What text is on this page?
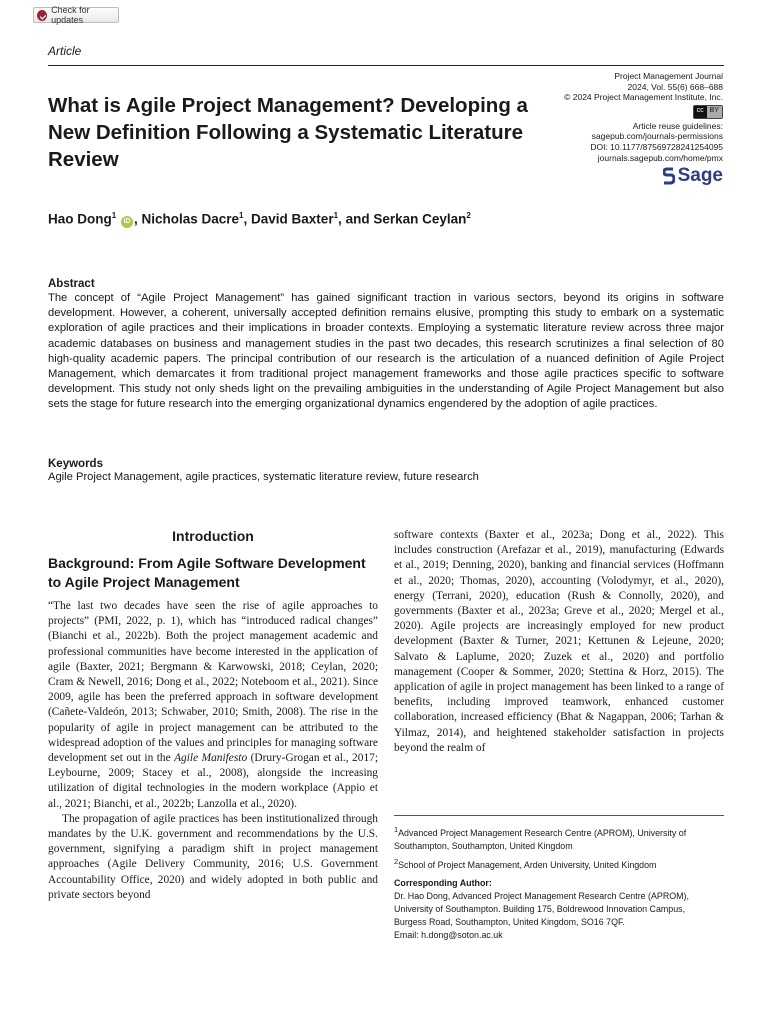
Check for updates
Article
What is Agile Project Management? Developing a New Definition Following a Systematic Literature Review
Project Management Journal
2024, Vol. 55(6) 668–688
© 2024 Project Management Institute, Inc.
cc BY
Article reuse guidelines:
sagepub.com/journals-permissions
DOI: 10.1177/87569728241254095
journals.sagepub.com/home/pmx
Sage
Hao Dong$^1$ iD , Nicholas Dacre$^1$, David Baxter$^1$, and Serkan Ceylan$^2$
Abstract

The concept of “Agile Project Management” has gained significant traction in various sectors, beyond its origins in software development. However, a coherent, universally accepted definition remains elusive, prompting this study to embark on a systematic exploration of agile practices and their implications in broader contexts. Employing a systematic literature review across three major academic databases on business and management studies in the past two decades, this research scrutinizes a final selection of 80 high-quality academic papers. The principal contribution of our research is the articulation of a nuanced definition of Agile Project Management, which demarcates it from traditional project management frameworks and those agile practices specific to software development. This study not only sheds light on the prevailing ambiguities in the understanding of Agile Project Management but also sets the stage for future research into the emerging organizational dynamics engendered by the adoption of agile practices.

Keywords

Agile Project Management, agile practices, systematic literature review, future research

Introduction
Background: From Agile Software Development to Agile Project Management

“The last two decades have seen the rise of agile approaches to projects” (PMI, 2022, p. 1), which has “introduced radical changes” (Bianchi et al., 2022b). Both the project management academic and professional communities have become interested in the application of agile (Baxter, 2021; Bergmann & Karwowski, 2018; Ceylan, 2020; Cram & Newell, 2016; Dong et al., 2022; Noteboom et al., 2021). Since 2009, agile has been the preferred approach in software development (Cañete-Valdeón, 2013; Schwaber, 2010; Smith, 2008). The rise in the popularity of agile in project management can be attributed to the widespread adoption of the values and principles for managing software development set out in the Agile Manifesto (Drury-Grogan et al., 2017; Leybourne, 2009; Stacey et al., 2008), alongside the increasing utilization of digital technologies in the modern workplace (Appio et al., 2021; Bianchi, et al., 2022b; Lanzolla et al., 2020).

The propagation of agile practices has been institutionalized through mandates by the U.K. government and recommendations by the U.S. government, signifying a paradigm shift in project management approaches (Agile Delivery Community, 2016; U.S. Government Accountability Office, 2020) and widely adopted in both public and private sectors beyond

software contexts (Baxter et al., 2023a; Dong et al., 2022). This includes construction (Arefazar et al., 2019), manufacturing (Edwards et al., 2019; Denning, 2020), banking and financial services (Hoffmann et al., 2020; Thomas, 2020), accounting (Volodymyr, et al., 2020), energy (Terrani, 2020), education (Rush & Connolly, 2020), and governments (Baxter et al., 2023a; Greve et al., 2020; Mergel et al., 2020). Agile projects are increasingly employed for new product development (Baxter & Turner, 2021; Kettunen & Lejeune, 2020; Salvato & Laplume, 2020; Zuzek et al., 2020) and portfolio management (Cooper & Sommer, 2020; Stettina & Horz, 2015). The application of agile in project management has been linked to a range of benefits, including improved teamwork, enhanced customer collaboration, increased efficiency (Bhat & Nagappan, 2006; Tarhan & Yilmaz, 2014), and heightened stakeholder satisfaction in projects beyond the realm of

$^1$Advanced Project Management Research Centre (APROM), University of Southampton, Southampton, United Kingdom

$^2$School of Project Management, Arden University, United Kingdom

Corresponding Author:
Dr. Hao Dong, Advanced Project Management Research Centre (APROM),
University of Southampton. Building 175, Boldrewood Innovation Campus,
Burgess Road, Southampton, United Kingdom, SO16 7QF.
Email: h.dong@soton.ac.uk
